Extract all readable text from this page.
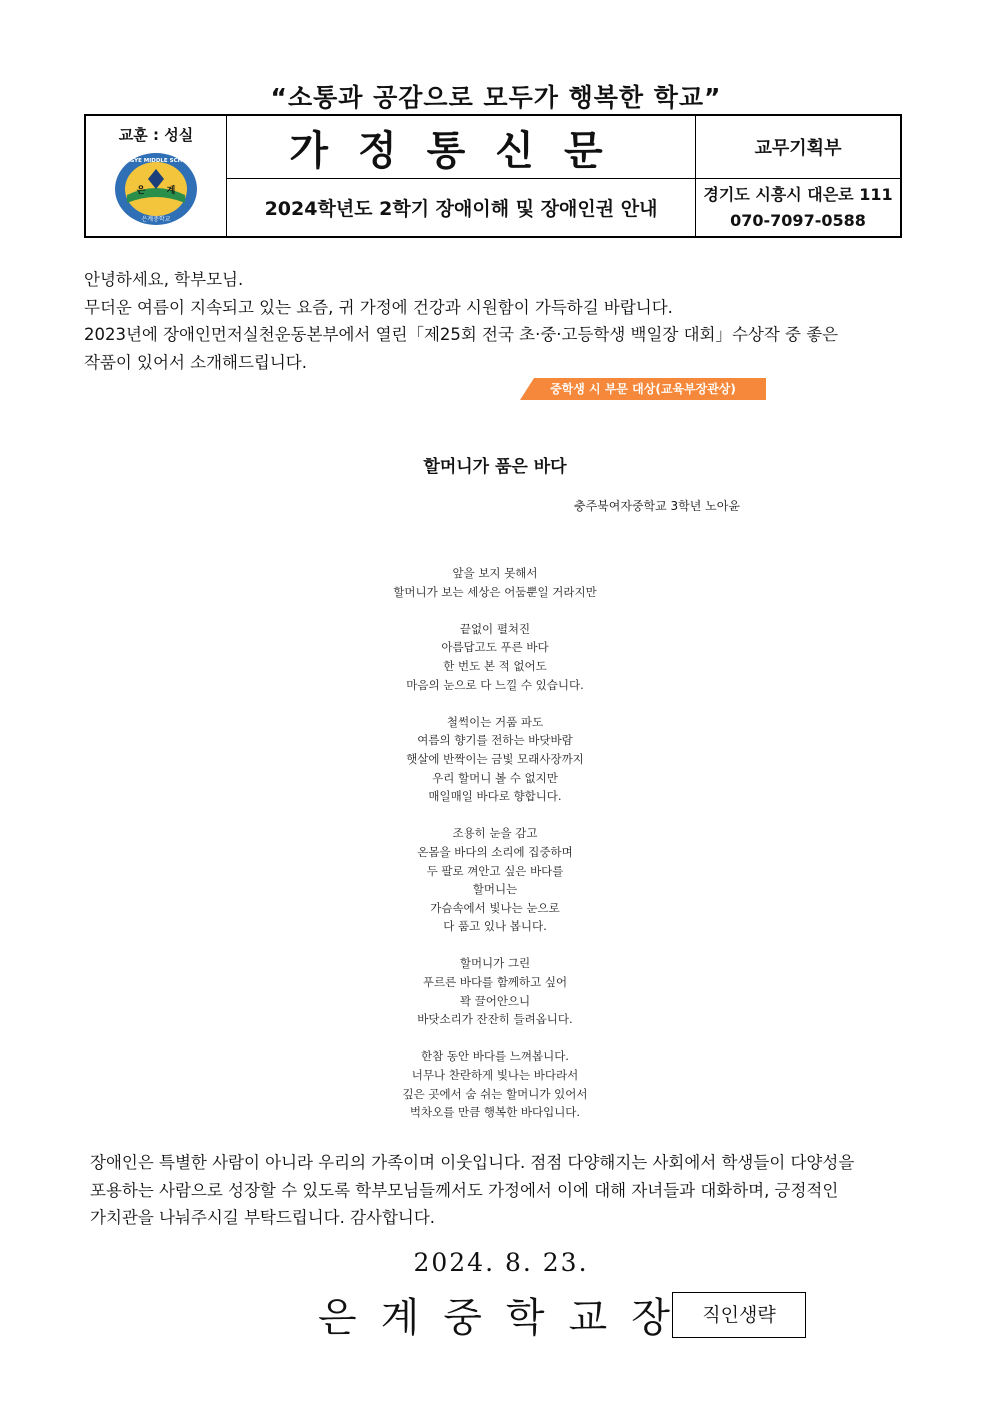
“소통과 공감으로 모두가 행복한 학교”
교훈 : 성실
EUNGYE MIDDLE SCHOOL
은 계
은계중학교	가정통신문	교무기획부
	2024학년도 2학기 장애이해 및 장애인권 안내	경기도 시흥시 대은로 111
070-7097-0588

안녕하세요, 학부모님.

무더운 여름이 지속되고 있는 요즘, 귀 가정에 건강과 시원함이 가득하길 바랍니다.

2023년에 장애인먼저실천운동본부에서 열린「제25회 전국 초·중·고등학생 백일장 대회」수상작 중 좋은

작품이 있어서 소개해드립니다.

중학생 시 부문 대상(교육부장관상)
할머니가 품은 바다
충주북여자중학교 3학년 노아윤
앞을 보지 못해서
할머니가 보는 세상은 어둠뿐일 거라지만
끝없이 펼쳐진
아름답고도 푸른 바다
한 번도 본 적 없어도
마음의 눈으로 다 느낄 수 있습니다.
철썩이는 거품 파도
여름의 향기를 전하는 바닷바람
햇살에 반짝이는 금빛 모래사장까지
우리 할머니 볼 수 없지만
매일매일 바다로 향합니다.
조용히 눈을 감고
온몸을 바다의 소리에 집중하며
두 팔로 껴안고 싶은 바다를
할머니는
가슴속에서 빛나는 눈으로
다 품고 있나 봅니다.
할머니가 그린
푸르른 바다를 함께하고 싶어
꽉 끌어안으니
바닷소리가 잔잔히 들려옵니다.
한참 동안 바다를 느껴봅니다.
너무나 찬란하게 빛나는 바다라서
깊은 곳에서 숨 쉬는 할머니가 있어서
벅차오를 만큼 행복한 바다입니다.

장애인은 특별한 사람이 아니라 우리의 가족이며 이웃입니다. 점점 다양해지는 사회에서 학생들이 다양성을

포용하는 사람으로 성장할 수 있도록 학부모님들께서도 가정에서 이에 대해 자녀들과 대화하며, 긍정적인

가치관을 나눠주시길 부탁드립니다. 감사합니다.

2024. 8. 23.
은계중학교장 직인생략
